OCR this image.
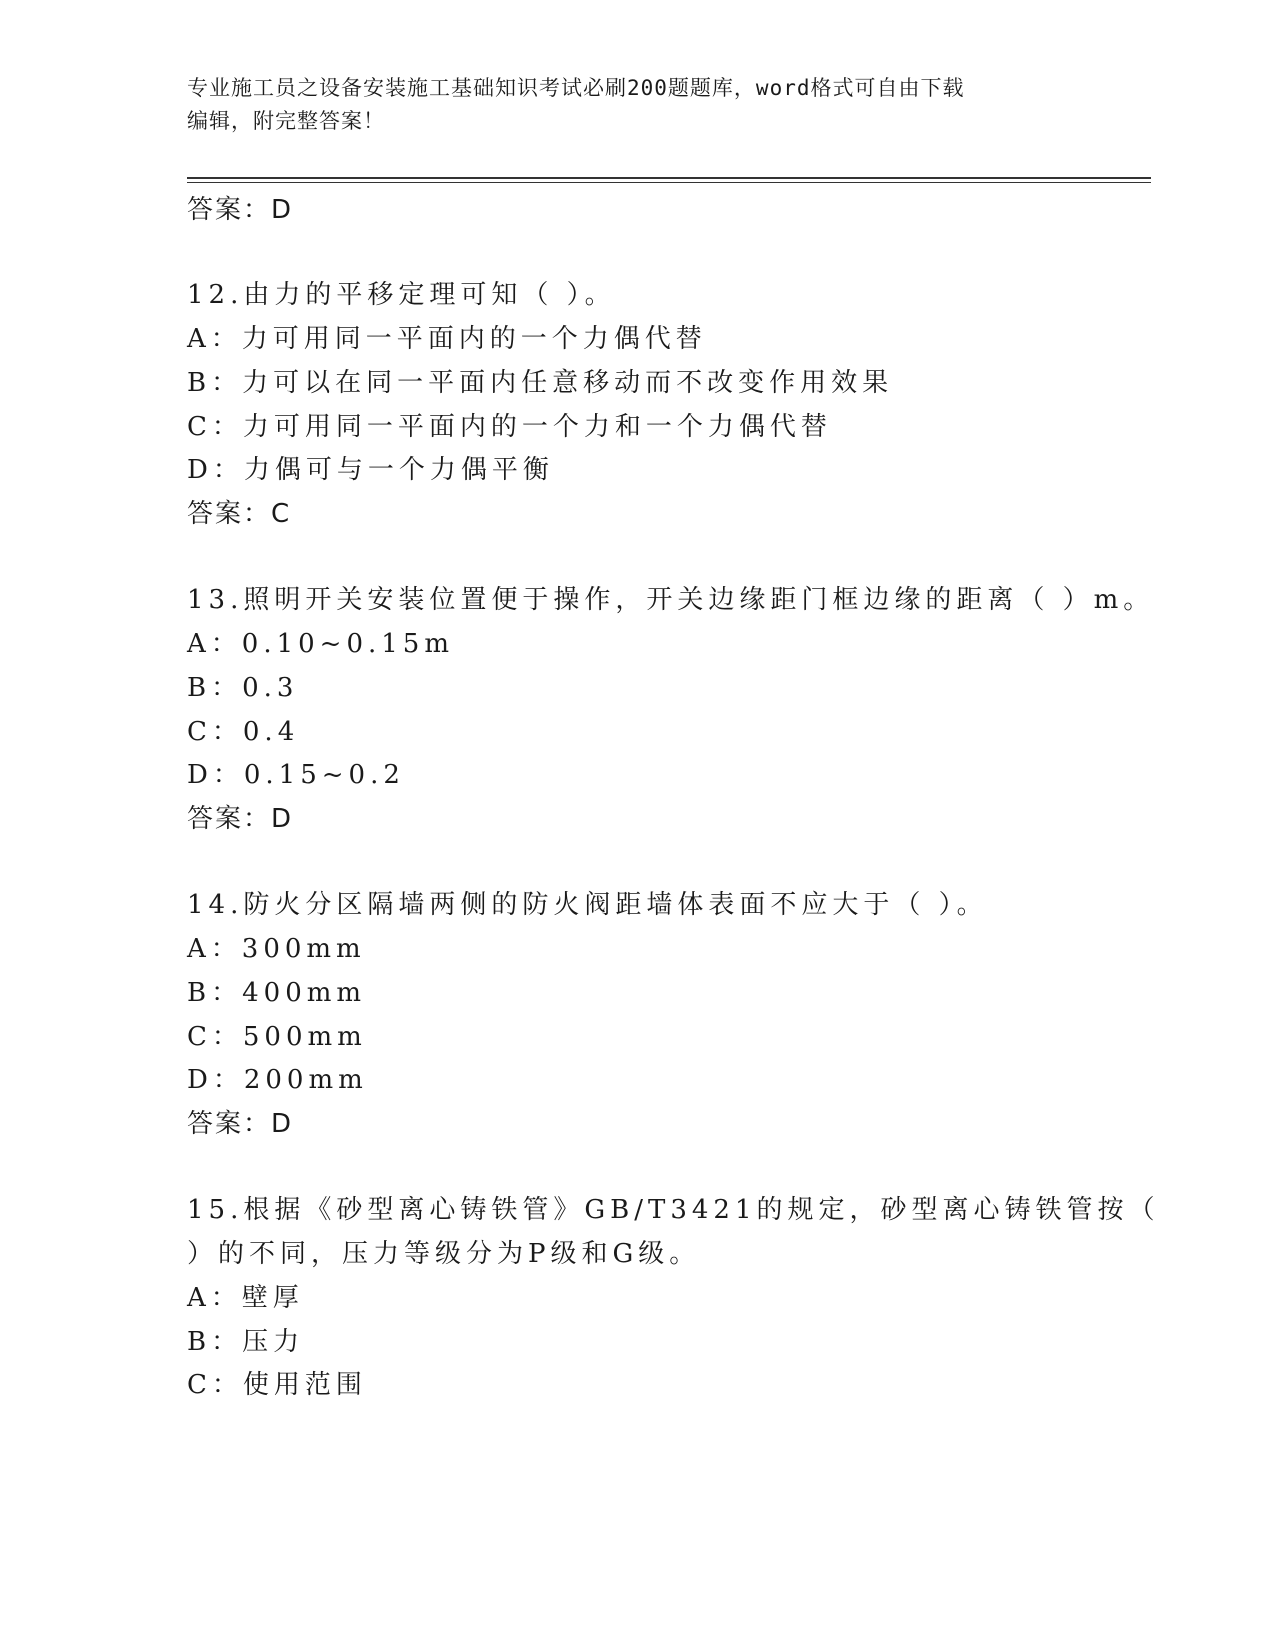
专业施工员之设备安装施工基础知识考试必刷200题题库，word格式可自由下载
编辑，附完整答案！
答案：D
12.由力的平移定理可知（ ）。
A：力可用同一平面内的一个力偶代替
B：力可以在同一平面内任意移动而不改变作用效果
C：力可用同一平面内的一个力和一个力偶代替
D：力偶可与一个力偶平衡
答案：C
13.照明开关安装位置便于操作，开关边缘距门框边缘的距离（ ）m。
A：0.10~0.15m
B：0.3
C：0.4
D：0.15~0.2
答案：D
14.防火分区隔墙两侧的防火阀距墙体表面不应大于（ ）。
A：300mm
B：400mm
C：500mm
D：200mm
答案：D
15.根据《砂型离心铸铁管》GB/T3421的规定，砂型离心铸铁管按（
）的不同，压力等级分为P级和G级。
A：壁厚
B：压力
C：使用范围
